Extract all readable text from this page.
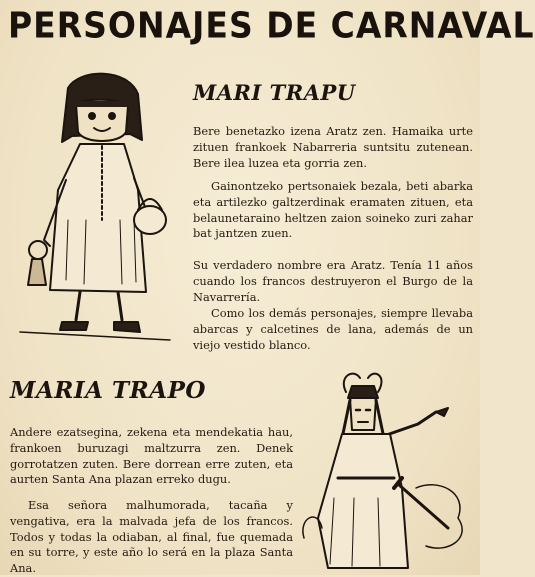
PERSONAJES DE CARNAVAL
MARI TRAPU

Bere benetazko izena Aratz zen. Hamaika urte zituen frankoek Nabarreria suntsitu zutenean. Bere ilea luzea eta gorria zen.

Gainontzeko pertsonaiek bezala, beti abarka eta artilezko galtzerdinak eramaten zituen, eta belaunetaraino heltzen zaion soineko zuri zahar bat jantzen zuen.

Su verdadero nombre era Aratz. Tenía 11 años cuando los francos destruyeron el Burgo de la Navarrería.

Como los demás personajes, siempre llevaba abarcas y calcetines de lana, además de un viejo vestido blanco.

MARIA TRAPO

Andere ezatsegina, zekena eta mendekatia hau, frankoen buruzagi maltzurra zen. Denek gorrotatzen zuten. Bere dorrean erre zuten, eta aurten Santa Ana plazan erreko dugu.

Esa señora malhumorada, tacaña y vengativa, era la malvada jefa de los francos. Todos y todas la odiaban, al final, fue quemada en su torre, y este año lo será en la plaza Santa Ana.
